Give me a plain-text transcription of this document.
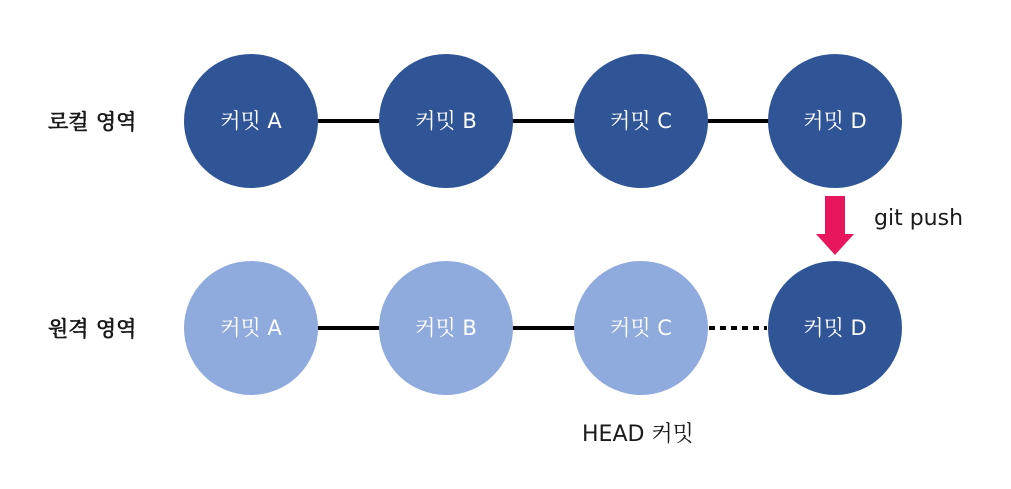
로컬 영역
원격 영역
커밋 A	커밋 B	커밋 C	커밋 D
커밋 A	커밋 B	커밋 C	커밋 D
git push
HEAD 커밋
